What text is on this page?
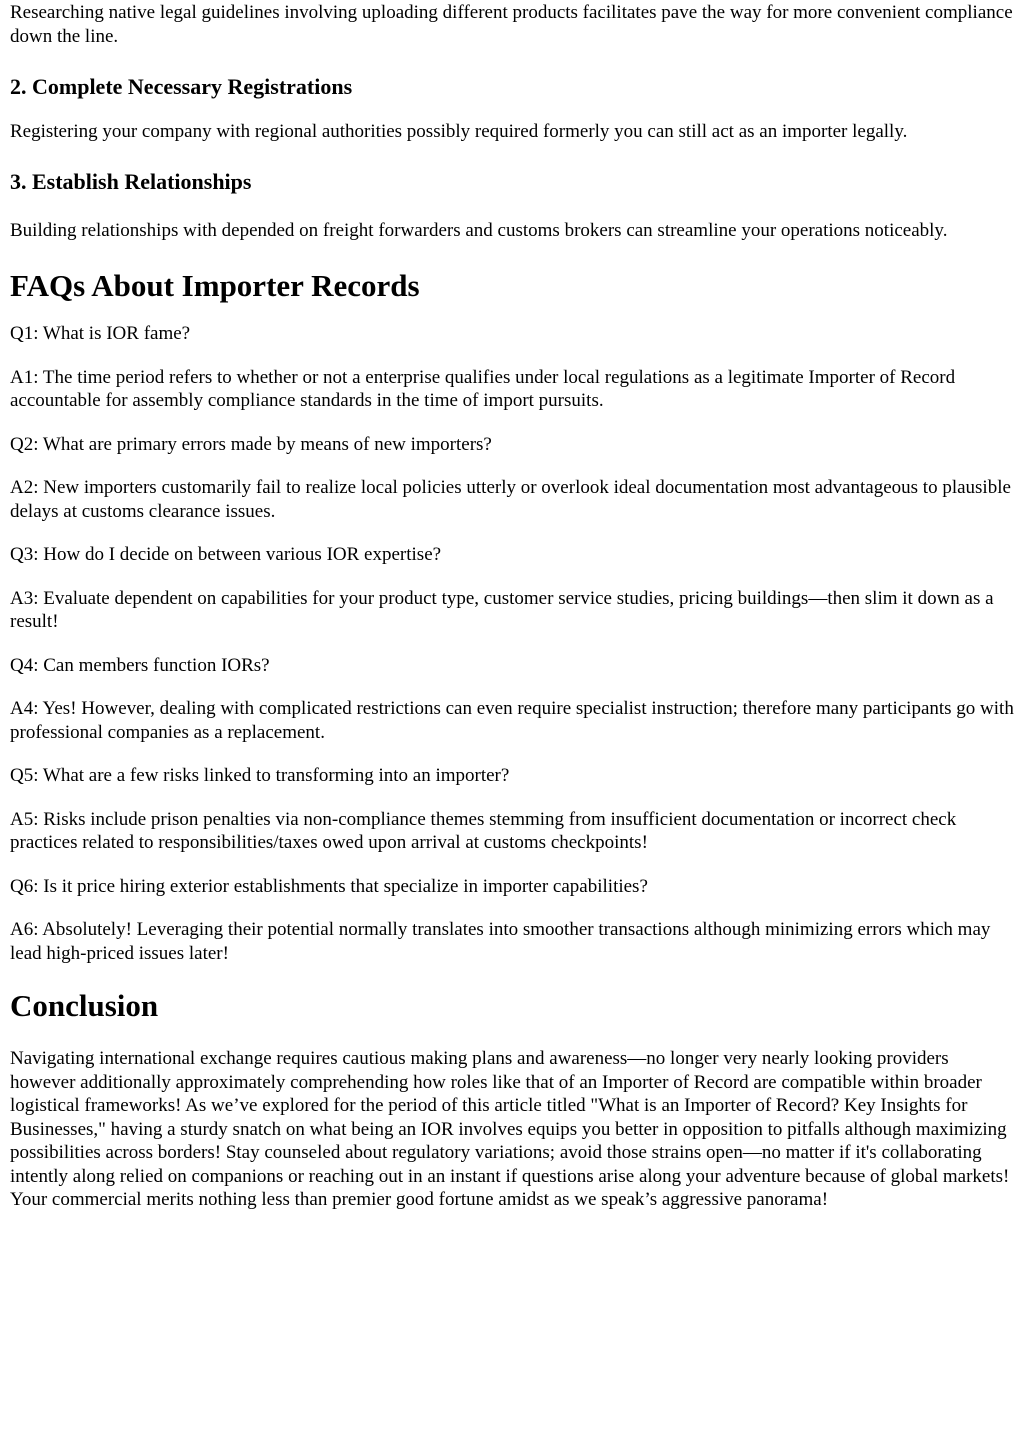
Researching native legal guidelines involving uploading different products facilitates pave the way for more convenient compliance down the line.

2. Complete Necessary Registrations

Registering your company with regional authorities possibly required formerly you can still act as an importer legally.

3. Establish Relationships

Building relationships with depended on freight forwarders and customs brokers can streamline your operations noticeably.

FAQs About Importer Records

Q1: What is IOR fame?

A1: The time period refers to whether or not a enterprise qualifies under local regulations as a legitimate Importer of Record accountable for assembly compliance standards in the time of import pursuits.

Q2: What are primary errors made by means of new importers?

A2: New importers customarily fail to realize local policies utterly or overlook ideal documentation most advantageous to plausible delays at customs clearance issues.

Q3: How do I decide on between various IOR expertise?

A3: Evaluate dependent on capabilities for your product type, customer service studies, pricing buildings—then slim it down as a result!

Q4: Can members function IORs?

A4: Yes! However, dealing with complicated restrictions can even require specialist instruction; therefore many participants go with professional companies as a replacement.

Q5: What are a few risks linked to transforming into an importer?

A5: Risks include prison penalties via non-compliance themes stemming from insufficient documentation or incorrect check practices related to responsibilities/taxes owed upon arrival at customs checkpoints!

Q6: Is it price hiring exterior establishments that specialize in importer capabilities?

A6: Absolutely! Leveraging their potential normally translates into smoother transactions although minimizing errors which may lead high-priced issues later!

Conclusion

Navigating international exchange requires cautious making plans and awareness—no longer very nearly looking providers however additionally approximately comprehending how roles like that of an Importer of Record are compatible within broader logistical frameworks! As we’ve explored for the period of this article titled "What is an Importer of Record? Key Insights for Businesses," having a sturdy snatch on what being an IOR involves equips you better in opposition to pitfalls although maximizing possibilities across borders! Stay counseled about regulatory variations; avoid those strains open—no matter if it's collaborating intently along relied on companions or reaching out in an instant if questions arise along your adventure because of global markets! Your commercial merits nothing less than premier good fortune amidst as we speak’s aggressive panorama!
